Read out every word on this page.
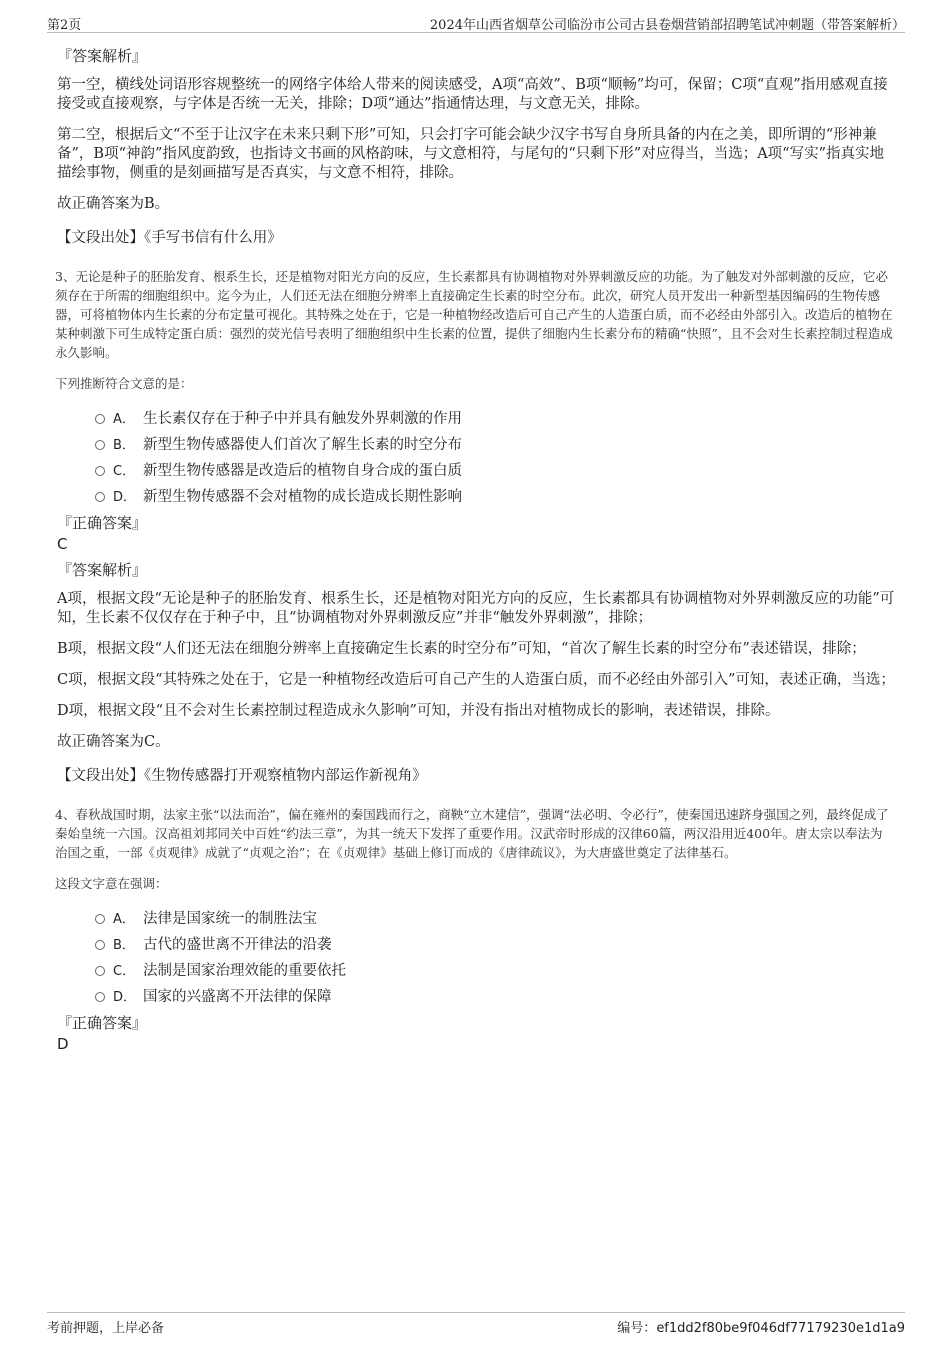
第2页	2024年山西省烟草公司临汾市公司古县卷烟营销部招聘笔试冲刺题（带答案解析）
『答案解析』

第一空，横线处词语形容规整统一的网络字体给人带来的阅读感受，A项“高效”、B项“顺畅”均可，保留；C项“直观”指用感观直接接受或直接观察，与字体是否统一无关，排除；D项“通达”指通情达理，与文意无关，排除。

第二空，根据后文“不至于让汉字在未来只剩下形”可知，只会打字可能会缺少汉字书写自身所具备的内在之美，即所谓的“形神兼备”，B项“神韵”指风度韵致，也指诗文书画的风格韵味，与文意相符，与尾句的“只剩下形”对应得当，当选；A项“写实”指真实地描绘事物，侧重的是刻画描写是否真实，与文意不相符，排除。

故正确答案为B。

【文段出处】《手写书信有什么用》
3、无论是种子的胚胎发育、根系生长，还是植物对阳光方向的反应，生长素都具有协调植物对外界刺激反应的功能。为了触发对外部刺激的反应，它必须存在于所需的细胞组织中。迄今为止，人们还无法在细胞分辨率上直接确定生长素的时空分布。此次，研究人员开发出一种新型基因编码的生物传感器，可将植物体内生长素的分布定量可视化。其特殊之处在于，它是一种植物经改造后可自己产生的人造蛋白质，而不必经由外部引入。改造后的植物在某种刺激下可生成特定蛋白质：强烈的荧光信号表明了细胞组织中生长素的位置，提供了细胞内生长素分布的精确“快照”，且不会对生长素控制过程造成永久影响。
下列推断符合文意的是：
A． 生长素仅存在于种子中并具有触发外界刺激的作用
B． 新型生物传感器使人们首次了解生长素的时空分布
C． 新型生物传感器是改造后的植物自身合成的蛋白质
D． 新型生物传感器不会对植物的成长造成长期性影响
『正确答案』
C
『答案解析』

A项，根据文段“无论是种子的胚胎发育、根系生长，还是植物对阳光方向的反应，生长素都具有协调植物对外界刺激反应的功能”可知，生长素不仅仅存在于种子中，且“协调植物对外界刺激反应”并非“触发外界刺激”，排除；

B项，根据文段“人们还无法在细胞分辨率上直接确定生长素的时空分布”可知，“首次了解生长素的时空分布”表述错误，排除；

C项，根据文段“其特殊之处在于，它是一种植物经改造后可自己产生的人造蛋白质，而不必经由外部引入”可知，表述正确，当选；

D项，根据文段“且不会对生长素控制过程造成永久影响”可知，并没有指出对植物成长的影响，表述错误，排除。

故正确答案为C。

【文段出处】《生物传感器打开观察植物内部运作新视角》
4、春秋战国时期，法家主张“以法而治”，偏在雍州的秦国践而行之，商鞅“立木建信”，强调“法必明、令必行”，使秦国迅速跻身强国之列，最终促成了秦始皇统一六国。汉高祖刘邦同关中百姓“约法三章”，为其一统天下发挥了重要作用。汉武帝时形成的汉律60篇，两汉沿用近400年。唐太宗以奉法为治国之重，一部《贞观律》成就了“贞观之治”；在《贞观律》基础上修订而成的《唐律疏议》，为大唐盛世奠定了法律基石。
这段文字意在强调：
A． 法律是国家统一的制胜法宝
B． 古代的盛世离不开律法的沿袭
C． 法制是国家治理效能的重要依托
D． 国家的兴盛离不开法律的保障
『正确答案』
D
考前押题，上岸必备	编号：ef1dd2f80be9f046df77179230e1d1a9
